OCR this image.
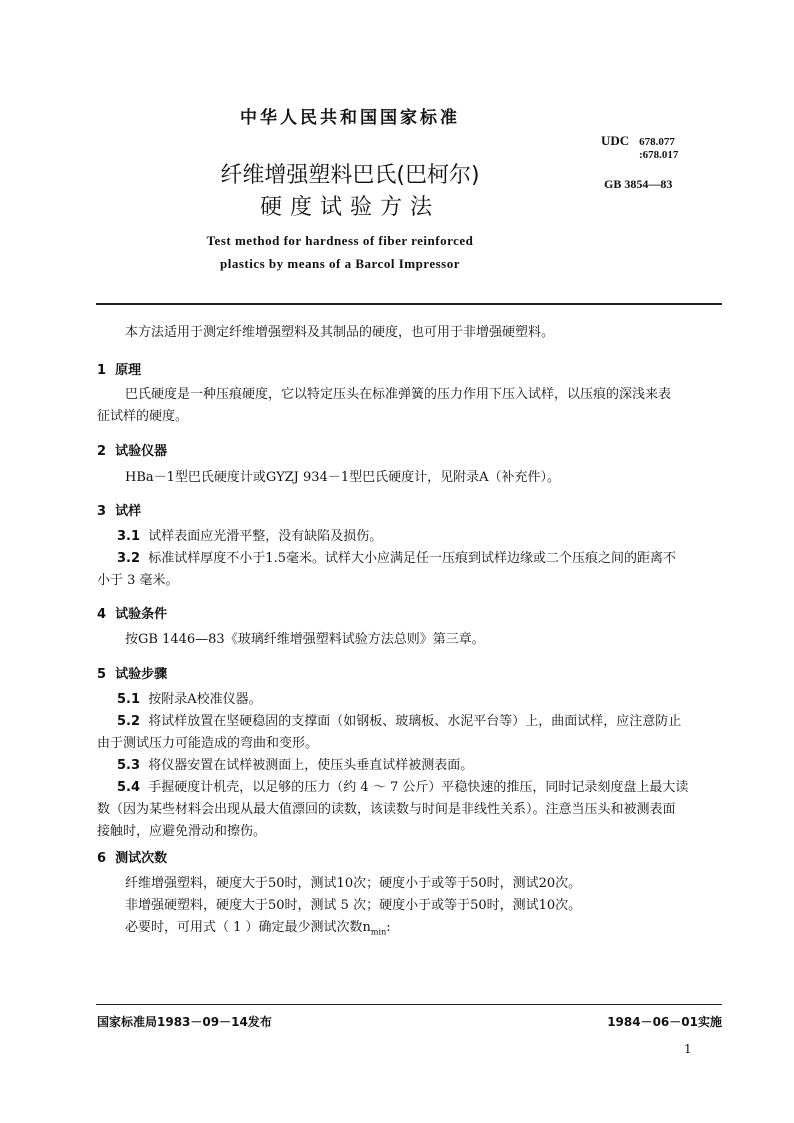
中华人民共和国国家标准
UDC 678.077
:678.017
GB 3854—83
纤维增强塑料巴氏(巴柯尔)
硬度试验方法
Test method for hardness of fiber reinforced
plastics by means of a Barcol Impressor
本方法适用于测定纤维增强塑料及其制品的硬度，也可用于非增强硬塑料。
1 原理
巴氏硬度是一种压痕硬度，它以特定压头在标准弹簧的压力作用下压入试样，以压痕的深浅来表
征试样的硬度。
2 试验仪器
HBa－1型巴氏硬度计或GYZJ 934－1型巴氏硬度计，见附录A（补充件）。
3 试样
3.1 试样表面应光滑平整，没有缺陷及损伤。
3.2 标准试样厚度不小于1.5毫米。试样大小应满足任一压痕到试样边缘或二个压痕之间的距离不
小于 3 毫米。
4 试验条件
按GB 1446—83《玻璃纤维增强塑料试验方法总则》第三章。
5 试验步骤
5.1 按附录A校准仪器。
5.2 将试样放置在坚硬稳固的支撑面（如钢板、玻璃板、水泥平台等）上，曲面试样，应注意防止
由于测试压力可能造成的弯曲和变形。
5.3 将仪器安置在试样被测面上，使压头垂直试样被测表面。
5.4 手握硬度计机壳，以足够的压力（约 4 ～ 7 公斤）平稳快速的推压，同时记录刻度盘上最大读
数（因为某些材料会出现从最大值漂回的读数，该读数与时间是非线性关系）。注意当压头和被测表面
接触时，应避免滑动和擦伤。
6 测试次数
纤维增强塑料，硬度大于50时，测试10次；硬度小于或等于50时，测试20次。
非增强硬塑料，硬度大于50时，测试 5 次；硬度小于或等于50时，测试10次。
必要时，可用式（ 1 ）确定最少测试次数$n_{min}$:
国家标准局1983－09－14发布	1984－06－01实施
1
